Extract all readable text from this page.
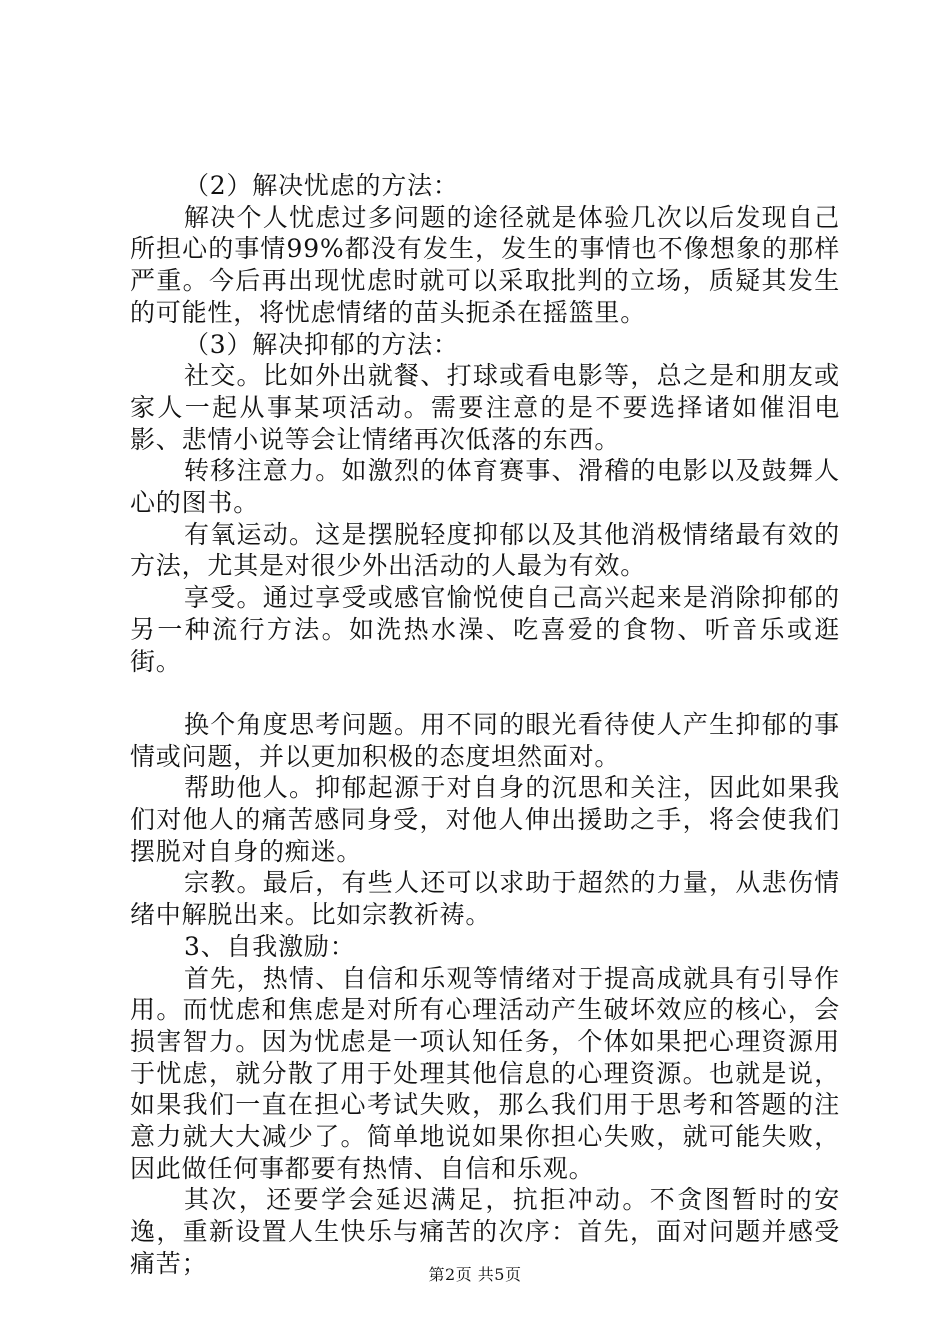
（2）解决忧虑的方法：

解决个人忧虑过多问题的途径就是体验几次以后发现自己所担心的事情99%都没有发生，发生的事情也不像想象的那样严重。今后再出现忧虑时就可以采取批判的立场，质疑其发生的可能性，将忧虑情绪的苗头扼杀在摇篮里。

（3）解决抑郁的方法：

社交。比如外出就餐、打球或看电影等，总之是和朋友或家人一起从事某项活动。需要注意的是不要选择诸如催泪电影、悲情小说等会让情绪再次低落的东西。

转移注意力。如激烈的体育赛事、滑稽的电影以及鼓舞人心的图书。

有氧运动。这是摆脱轻度抑郁以及其他消极情绪最有效的方法，尤其是对很少外出活动的人最为有效。

享受。通过享受或感官愉悦使自己高兴起来是消除抑郁的另一种流行方法。如洗热水澡、吃喜爱的食物、听音乐或逛街。

换个角度思考问题。用不同的眼光看待使人产生抑郁的事情或问题，并以更加积极的态度坦然面对。

帮助他人。抑郁起源于对自身的沉思和关注，因此如果我们对他人的痛苦感同身受，对他人伸出援助之手，将会使我们摆脱对自身的痴迷。

宗教。最后，有些人还可以求助于超然的力量，从悲伤情绪中解脱出来。比如宗教祈祷。

3、自我激励：

首先，热情、自信和乐观等情绪对于提高成就具有引导作用。而忧虑和焦虑是对所有心理活动产生破坏效应的核心，会损害智力。因为忧虑是一项认知任务，个体如果把心理资源用于忧虑，就分散了用于处理其他信息的心理资源。也就是说，如果我们一直在担心考试失败，那么我们用于思考和答题的注意力就大大减少了。简单地说如果你担心失败，就可能失败，因此做任何事都要有热情、自信和乐观。

其次，还要学会延迟满足，抗拒冲动。不贪图暂时的安逸，重新设置人生快乐与痛苦的次序：首先，面对问题并感受痛苦；	第2页 共5页
